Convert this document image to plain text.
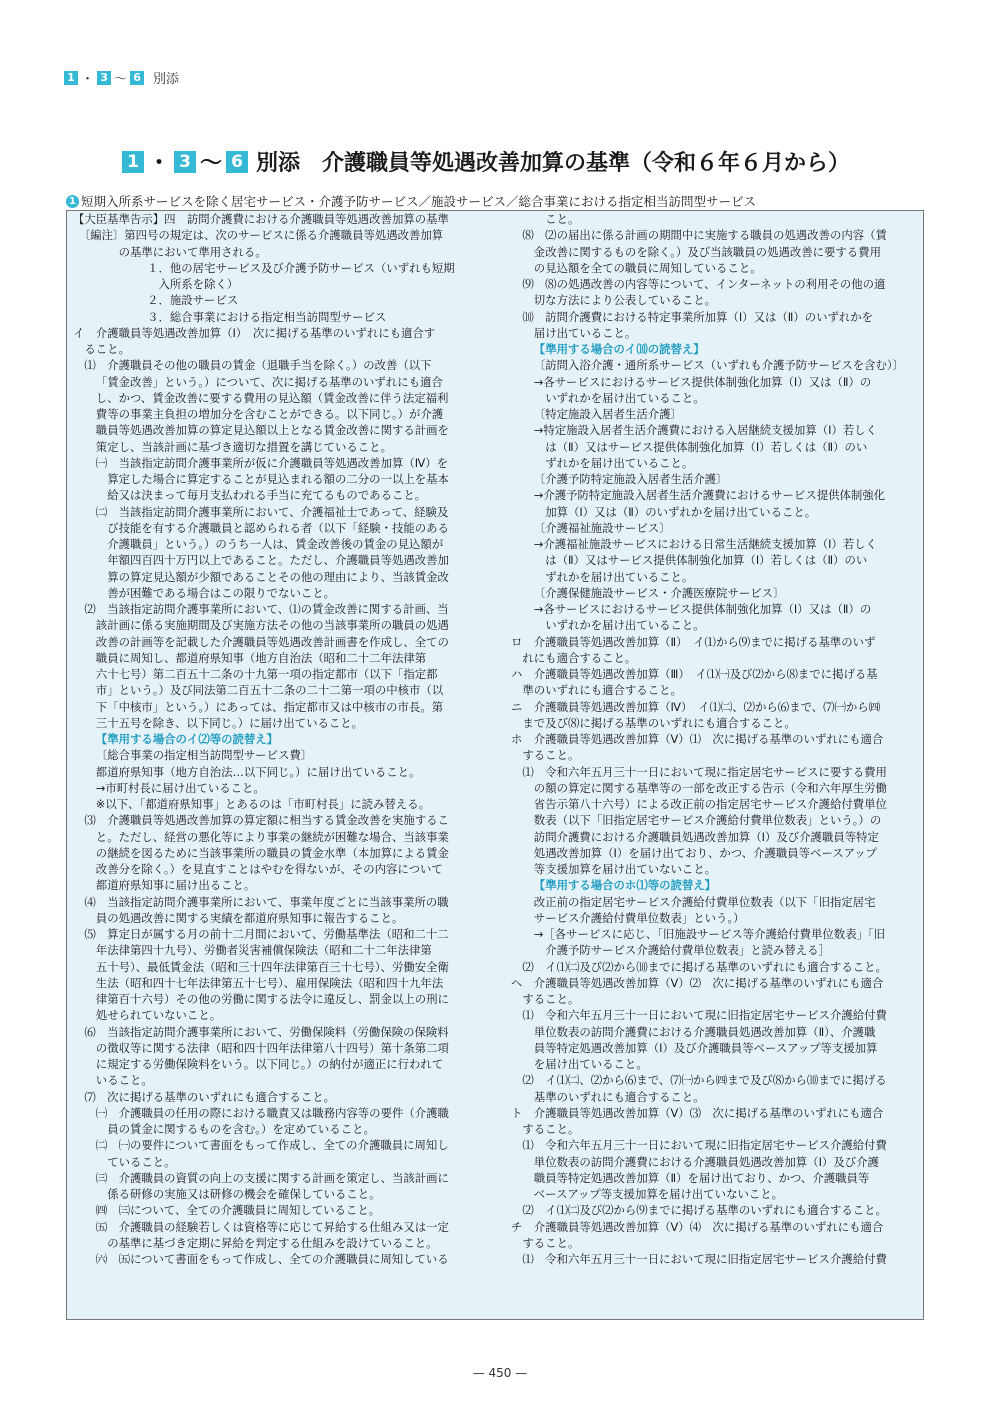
1 ・ 3 〜 6 別添
1 ・ 3 〜 6 別添　介護職員等処遇改善加算の基準（令和６年６月から）
1 短期入所系サービスを除く居宅サービス・介護予防サービス／施設サービス／総合事業における指定相当訪問型サービス
【大臣基準告示】四　訪問介護費における介護職員等処遇改善加算の基準
〔編注〕第四号の規定は、次のサービスに係る介護職員等処遇改善加算
の基準において準用される。
１．他の居宅サービス及び介護予防サービス（いずれも短期
入所系を除く）
２．施設サービス
３．総合事業における指定相当訪問型サービス
イ　介護職員等処遇改善加算（Ⅰ）　次に掲げる基準のいずれにも適合す
ること。
⑴　介護職員その他の職員の賃金（退職手当を除く。）の改善（以下
「賃金改善」という。）について、次に掲げる基準のいずれにも適合
し、かつ、賃金改善に要する費用の見込額（賃金改善に伴う法定福利
費等の事業主負担の増加分を含むことができる。以下同じ。）が介護
職員等処遇改善加算の算定見込額以上となる賃金改善に関する計画を
策定し、当該計画に基づき適切な措置を講じていること。
㈠　当該指定訪問介護事業所が仮に介護職員等処遇改善加算（Ⅳ）を
算定した場合に算定することが見込まれる額の二分の一以上を基本
給又は決まって毎月支払われる手当に充てるものであること。
㈡　当該指定訪問介護事業所において、介護福祉士であって、経験及
び技能を有する介護職員と認められる者（以下「経験・技能のある
介護職員」という。）のうち一人は、賃金改善後の賃金の見込額が
年額四百四十万円以上であること。ただし、介護職員等処遇改善加
算の算定見込額が少額であることその他の理由により、当該賃金改
善が困難である場合はこの限りでないこと。
⑵　当該指定訪問介護事業所において、⑴の賃金改善に関する計画、当
該計画に係る実施期間及び実施方法その他の当該事業所の職員の処遇
改善の計画等を記載した介護職員等処遇改善計画書を作成し、全ての
職員に周知し、都道府県知事（地方自治法（昭和二十二年法律第
六十七号）第二百五十二条の十九第一項の指定都市（以下「指定都
市」という。）及び同法第二百五十二条の二十二第一項の中核市（以
下「中核市」という。）にあっては、指定都市又は中核市の市長。第
三十五号を除き、以下同じ。）に届け出ていること。
【準用する場合のイ⑵等の読替え】
〔総合事業の指定相当訪問型サービス費〕
都道府県知事（地方自治法…以下同じ。）に届け出ていること。
→市町村長に届け出ていること。
※以下、「都道府県知事」とあるのは「市町村長」に読み替える。
⑶　介護職員等処遇改善加算の算定額に相当する賃金改善を実施するこ
と。ただし、経営の悪化等により事業の継続が困難な場合、当該事業
の継続を図るために当該事業所の職員の賃金水準（本加算による賃金
改善分を除く。）を見直すことはやむを得ないが、その内容について
都道府県知事に届け出ること。
⑷　当該指定訪問介護事業所において、事業年度ごとに当該事業所の職
員の処遇改善に関する実績を都道府県知事に報告すること。
⑸　算定日が属する月の前十二月間において、労働基準法（昭和二十二
年法律第四十九号）、労働者災害補償保険法（昭和二十二年法律第
五十号）、最低賃金法（昭和三十四年法律第百三十七号）、労働安全衛
生法（昭和四十七年法律第五十七号）、雇用保険法（昭和四十九年法
律第百十六号）その他の労働に関する法令に違反し、罰金以上の刑に
処せられていないこと。
⑹　当該指定訪問介護事業所において、労働保険料（労働保険の保険料
の徴収等に関する法律（昭和四十四年法律第八十四号）第十条第二項
に規定する労働保険料をいう。以下同じ。）の納付が適正に行われて
いること。
⑺　次に掲げる基準のいずれにも適合すること。
㈠　介護職員の任用の際における職責又は職務内容等の要件（介護職
員の賃金に関するものを含む。）を定めていること。
㈡　㈠の要件について書面をもって作成し、全ての介護職員に周知し
ていること。
㈢　介護職員の資質の向上の支援に関する計画を策定し、当該計画に
係る研修の実施又は研修の機会を確保していること。
㈣　㈢について、全ての介護職員に周知していること。
㈤　介護職員の経験若しくは資格等に応じて昇給する仕組み又は一定
の基準に基づき定期に昇給を判定する仕組みを設けていること。
㈥　㈤について書面をもって作成し、全ての介護職員に周知している
こと。
⑻　⑵の届出に係る計画の期間中に実施する職員の処遇改善の内容（賃
金改善に関するものを除く。）及び当該職員の処遇改善に要する費用
の見込額を全ての職員に周知していること。
⑼　⑻の処遇改善の内容等について、インターネットの利用その他の適
切な方法により公表していること。
⑽　訪問介護費における特定事業所加算（Ⅰ）又は（Ⅱ）のいずれかを
届け出ていること。
【準用する場合のイ⑽の読替え】
〔訪問入浴介護・通所系サービス（いずれも介護予防サービスを含む）〕
→各サービスにおけるサービス提供体制強化加算（Ⅰ）又は（Ⅱ）の
いずれかを届け出ていること。
〔特定施設入居者生活介護〕
→特定施設入居者生活介護費における入居継続支援加算（Ⅰ）若しく
は（Ⅱ）又はサービス提供体制強化加算（Ⅰ）若しくは（Ⅱ）のい
ずれかを届け出ていること。
〔介護予防特定施設入居者生活介護〕
→介護予防特定施設入居者生活介護費におけるサービス提供体制強化
加算（Ⅰ）又は（Ⅱ）のいずれかを届け出ていること。
〔介護福祉施設サービス〕
→介護福祉施設サービスにおける日常生活継続支援加算（Ⅰ）若しく
は（Ⅱ）又はサービス提供体制強化加算（Ⅰ）若しくは（Ⅱ）のい
ずれかを届け出ていること。
〔介護保健施設サービス・介護医療院サービス〕
→各サービスにおけるサービス提供体制強化加算（Ⅰ）又は（Ⅱ）の
いずれかを届け出ていること。
ロ　介護職員等処遇改善加算（Ⅱ）　イ⑴から⑼までに掲げる基準のいず
れにも適合すること。
ハ　介護職員等処遇改善加算（Ⅲ）　イ⑴㈠及び⑵から⑻までに掲げる基
準のいずれにも適合すること。
ニ　介護職員等処遇改善加算（Ⅳ）　イ⑴㈡、⑵から⑹まで、⑺㈠から㈣
まで及び⑻に掲げる基準のいずれにも適合すること。
ホ　介護職員等処遇改善加算（Ⅴ）⑴　次に掲げる基準のいずれにも適合
すること。
⑴　令和六年五月三十一日において現に指定居宅サービスに要する費用
の額の算定に関する基準等の一部を改正する告示（令和六年厚生労働
省告示第八十六号）による改正前の指定居宅サービス介護給付費単位
数表（以下「旧指定居宅サービス介護給付費単位数表」という。）の
訪問介護費における介護職員処遇改善加算（Ⅰ）及び介護職員等特定
処遇改善加算（Ⅰ）を届け出ており、かつ、介護職員等ベースアップ
等支援加算を届け出ていないこと。
【準用する場合のホ⑴等の読替え】
改正前の指定居宅サービス介護給付費単位数表（以下「旧指定居宅
サービス介護給付費単位数表」という。）
→［各サービスに応じ、「旧施設サービス等介護給付費単位数表」「旧
介護予防サービス介護給付費単位数表」と読み替える］
⑵　イ⑴㈡及び⑵から⑽までに掲げる基準のいずれにも適合すること。
ヘ　介護職員等処遇改善加算（Ⅴ）⑵　次に掲げる基準のいずれにも適合
すること。
⑴　令和六年五月三十一日において現に旧指定居宅サービス介護給付費
単位数表の訪問介護費における介護職員処遇改善加算（Ⅱ）、介護職
員等特定処遇改善加算（Ⅰ）及び介護職員等ベースアップ等支援加算
を届け出ていること。
⑵　イ⑴㈡、⑵から⑹まで、⑺㈠から㈣まで及び⑻から⑽までに掲げる
基準のいずれにも適合すること。
ト　介護職員等処遇改善加算（Ⅴ）⑶　次に掲げる基準のいずれにも適合
すること。
⑴　令和六年五月三十一日において現に旧指定居宅サービス介護給付費
単位数表の訪問介護費における介護職員処遇改善加算（Ⅰ）及び介護
職員等特定処遇改善加算（Ⅱ）を届け出ており、かつ、介護職員等
ベースアップ等支援加算を届け出ていないこと。
⑵　イ⑴㈡及び⑵から⑼までに掲げる基準のいずれにも適合すること。
チ　介護職員等処遇改善加算（Ⅴ）⑷　次に掲げる基準のいずれにも適合
すること。
⑴　令和六年五月三十一日において現に旧指定居宅サービス介護給付費
— 450 —
